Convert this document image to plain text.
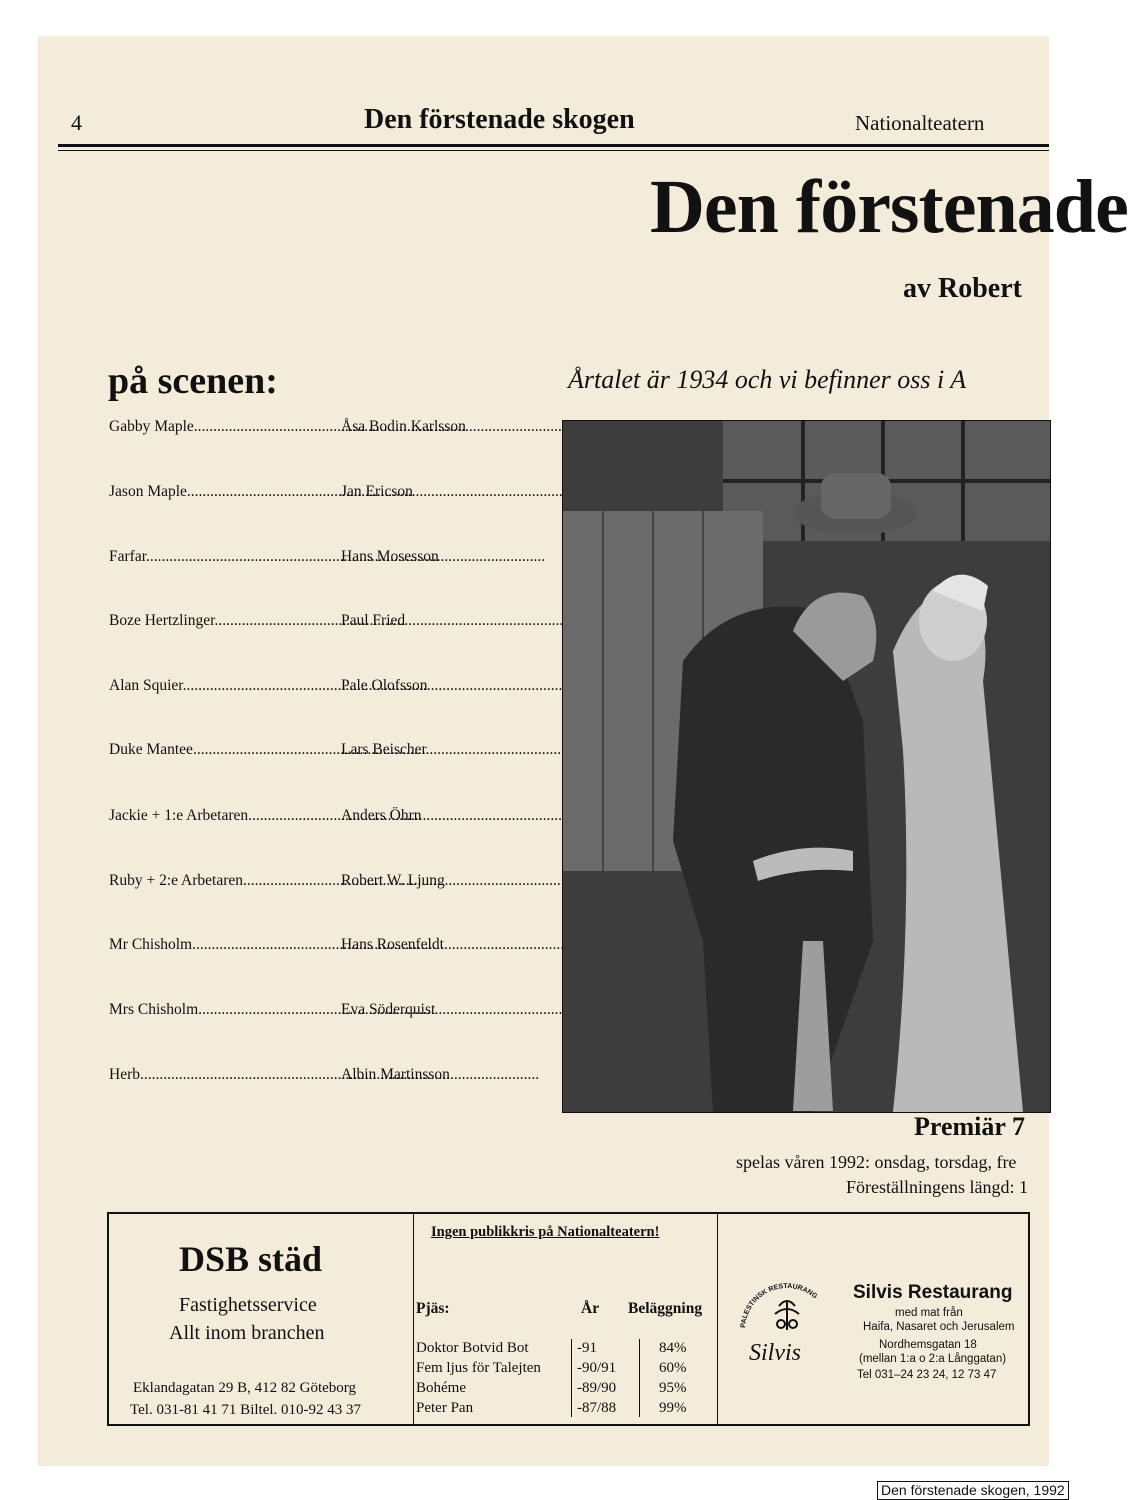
4	Den förstenade skogen	Nationalteatern
Den förstenade
av Robert
på scenen:	Årtalet är 1934 och vi befinner oss i A
Gabby Maple .....	Åsa Bodin Karlsson
Jason Maple .....	Jan Ericson
Farfar .....	Hans Mosesson
Boze Hertzlinger .....	Paul Fried
Alan Squier .....	Pale Olofsson
Duke Mantee .....	Lars Beischer
Jackie + 1:e Arbetaren .....	Anders Öhrn
Ruby + 2:e Arbetaren .....	Robert W. Ljung
Mr Chisholm .....	Hans Rosenfeldt
Mrs Chisholm .....	Eva Söderquist
Herb .....	Albin Martinsson
Premiär 7
spelas våren 1992: onsdag, torsdag, fre
Föreställningens längd: 1
DSB städ
Fastighetsservice
Allt inom branchen
Eklandagatan 29 B, 412 82 Göteborg
Tel. 031-81 41 71 Biltel. 010-92 43 37
Ingen publikkris på Nationalteatern!
Pjäs:	År Beläggning
Doktor Botvid Bot	-91	84%
Fem ljus för Talejten -90/91	60%
Bohéme	-89/90	95%
Peter Pan	-87/88	99%
PALESTINSK RESTAURANG
Silvis
Silvis Restaurang
med mat från
Haifa, Nasaret och Jerusalem
Nordhemsgatan 18
(mellan 1:a o 2:a Långgatan)
Tel 031–24 23 24, 12 73 47
Den förstenade skogen, 1992
